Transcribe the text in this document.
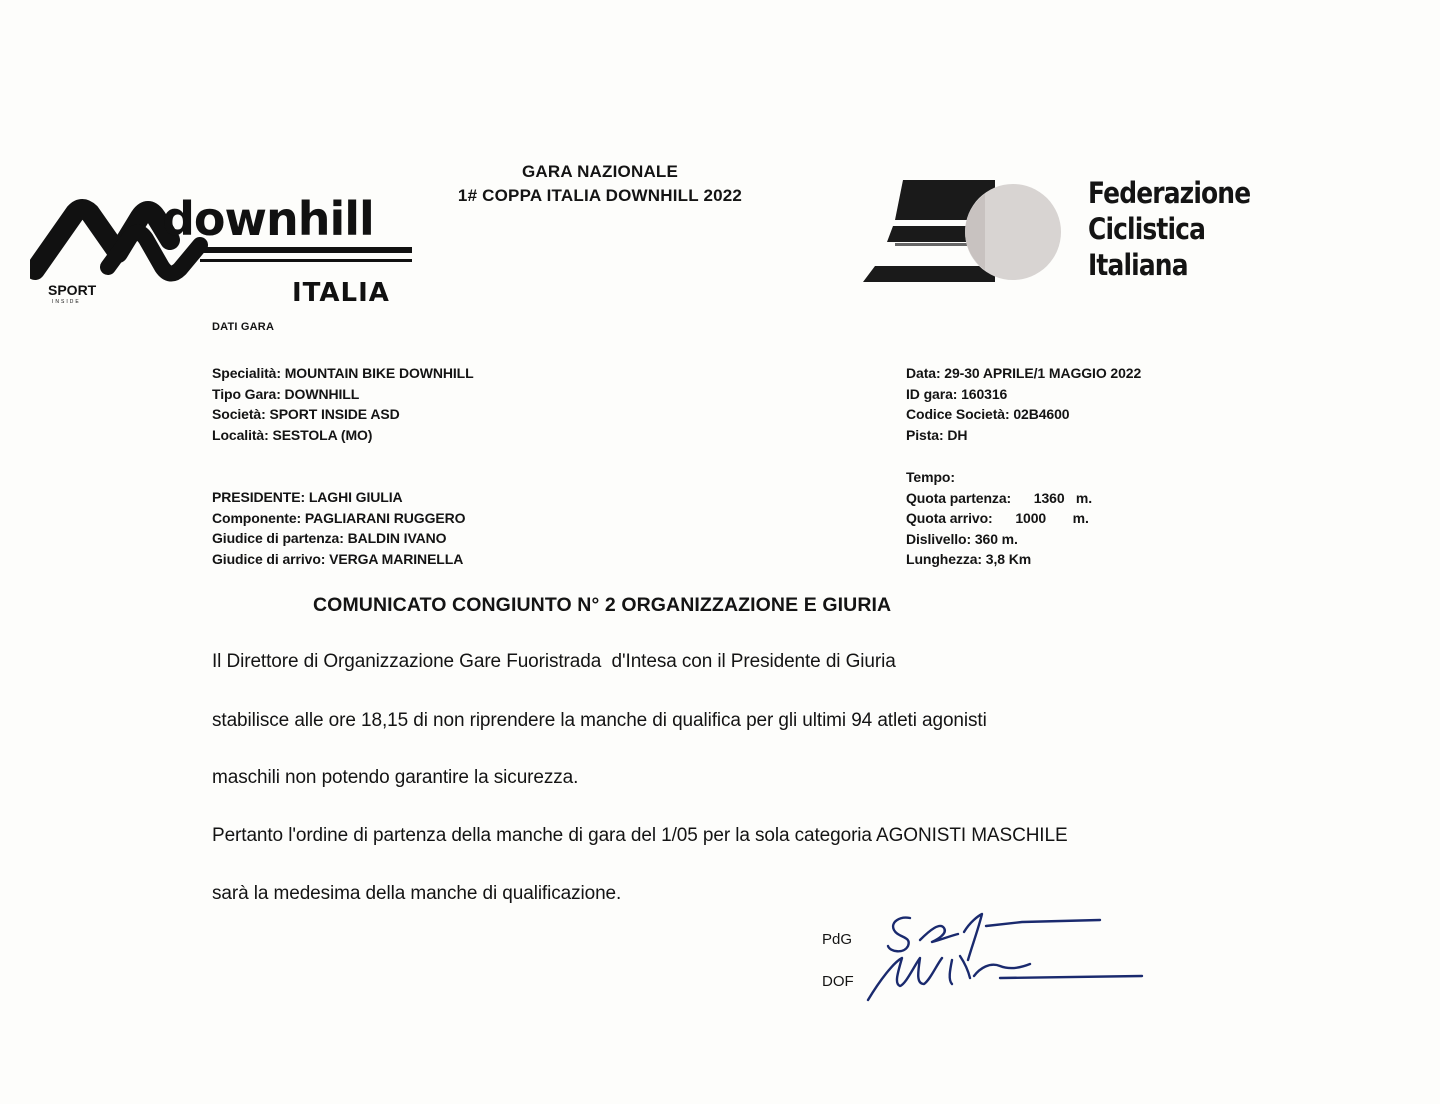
GARA NAZIONALE
1# COPPA ITALIA DOWNHILL 2022
downhill
ITALIA
SPORT
INSIDE
Federazione
Ciclistica
Italiana
DATI GARA
Specialità: MOUNTAIN BIKE DOWNHILL
Tipo Gara: DOWNHILL
Società: SPORT INSIDE ASD
Località: SESTOLA (MO)
PRESIDENTE: LAGHI GIULIA
Componente: PAGLIARANI RUGGERO
Giudice di partenza: BALDIN IVANO
Giudice di arrivo: VERGA MARINELLA
Data: 29-30 APRILE/1 MAGGIO 2022
ID gara: 160316
Codice Società: 02B4600
Pista: DH
Tempo:
Quota partenza:      1360   m.
Quota arrivo:      1000       m.
Dislivello: 360 m.
Lunghezza: 3,8 Km
COMUNICATO CONGIUNTO N° 2 ORGANIZZAZIONE E GIURIA
Il Direttore di Organizzazione Gare Fuoristrada  d'Intesa con il Presidente di Giuria
stabilisce alle ore 18,15 di non riprendere la manche di qualifica per gli ultimi 94 atleti agonisti
maschili non potendo garantire la sicurezza.
Pertanto l'ordine di partenza della manche di gara del 1/05 per la sola categoria AGONISTI MASCHILE
sarà la medesima della manche di qualificazione.
PdG
DOF
